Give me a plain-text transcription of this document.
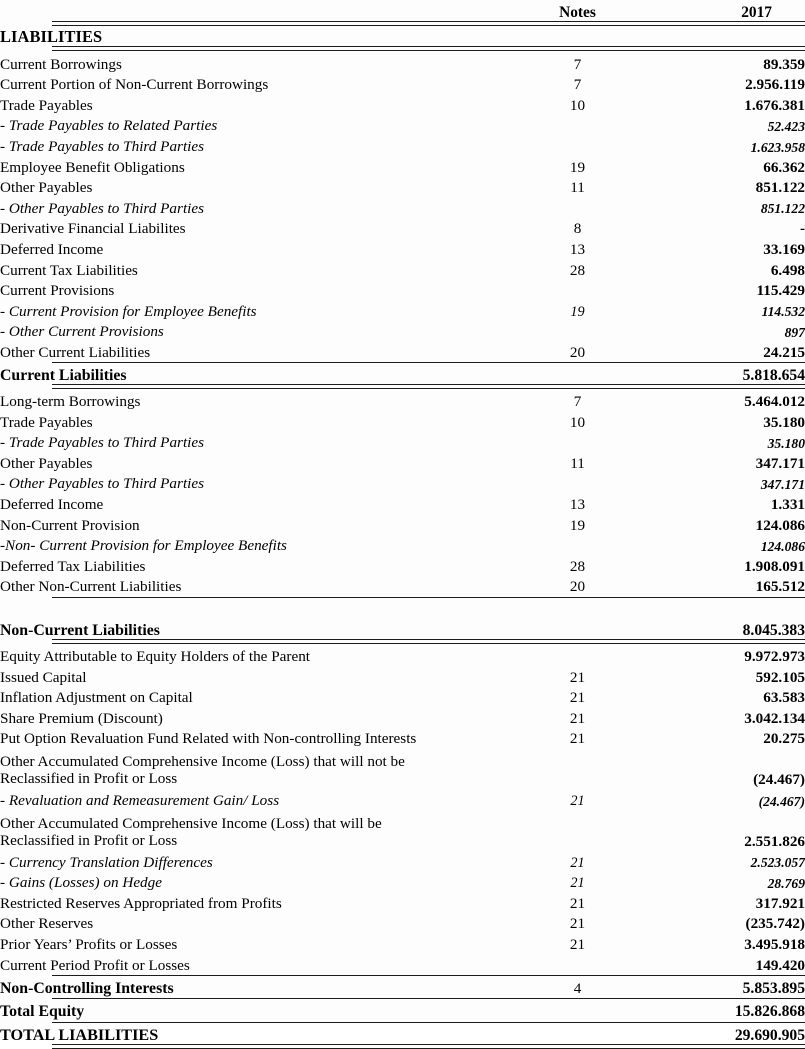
	Notes	2017

LIABILITIES		

Current Borrowings	7	89.359
Current Portion of Non-Current Borrowings	7	2.956.119
Trade Payables	10	1.676.381
- Trade Payables to Related Parties		52.423
- Trade Payables to Third Parties		1.623.958
Employee Benefit Obligations	19	66.362
Other Payables	11	851.122
- Other Payables to Third Parties		851.122
Derivative Financial Liabilites	8	-
Deferred Income	13	33.169
Current Tax Liabilities	28	6.498
Current Provisions		115.429
- Current Provision for Employee Benefits	19	114.532
- Other Current Provisions		897
Other Current Liabilities	20	24.215

Current Liabilities		5.818.654

Long-term Borrowings	7	5.464.012
Trade Payables	10	35.180
- Trade Payables to Third Parties		35.180
Other Payables	11	347.171
- Other Payables to Third Parties		347.171
Deferred Income	13	1.331
Non-Current Provision	19	124.086
-Non- Current Provision for Employee Benefits		124.086
Deferred Tax Liabilities	28	1.908.091
Other Non-Current Liabilities	20	165.512

Non-Current Liabilities		8.045.383

Equity Attributable to Equity Holders of the Parent		9.972.973
Issued Capital	21	592.105
Inflation Adjustment on Capital	21	63.583
Share Premium (Discount)	21	3.042.134
Put Option Revaluation Fund Related with Non-controlling Interests	21	20.275
Other Accumulated Comprehensive Income (Loss) that will not be
Reclassified in Profit or Loss		(24.467)
- Revaluation and Remeasurement Gain/ Loss	21	(24.467)
Other Accumulated Comprehensive Income (Loss) that will be
Reclassified in Profit or Loss		2.551.826
- Currency Translation Differences	21	2.523.057
- Gains (Losses) on Hedge	21	28.769
Restricted Reserves Appropriated from Profits	21	317.921
Other Reserves	21	(235.742)
Prior Years’ Profits or Losses	21	3.495.918
Current Period Profit or Losses		149.420

Non-Controlling Interests	4	5.853.895

Total Equity		15.826.868

TOTAL LIABILITIES		29.690.905
